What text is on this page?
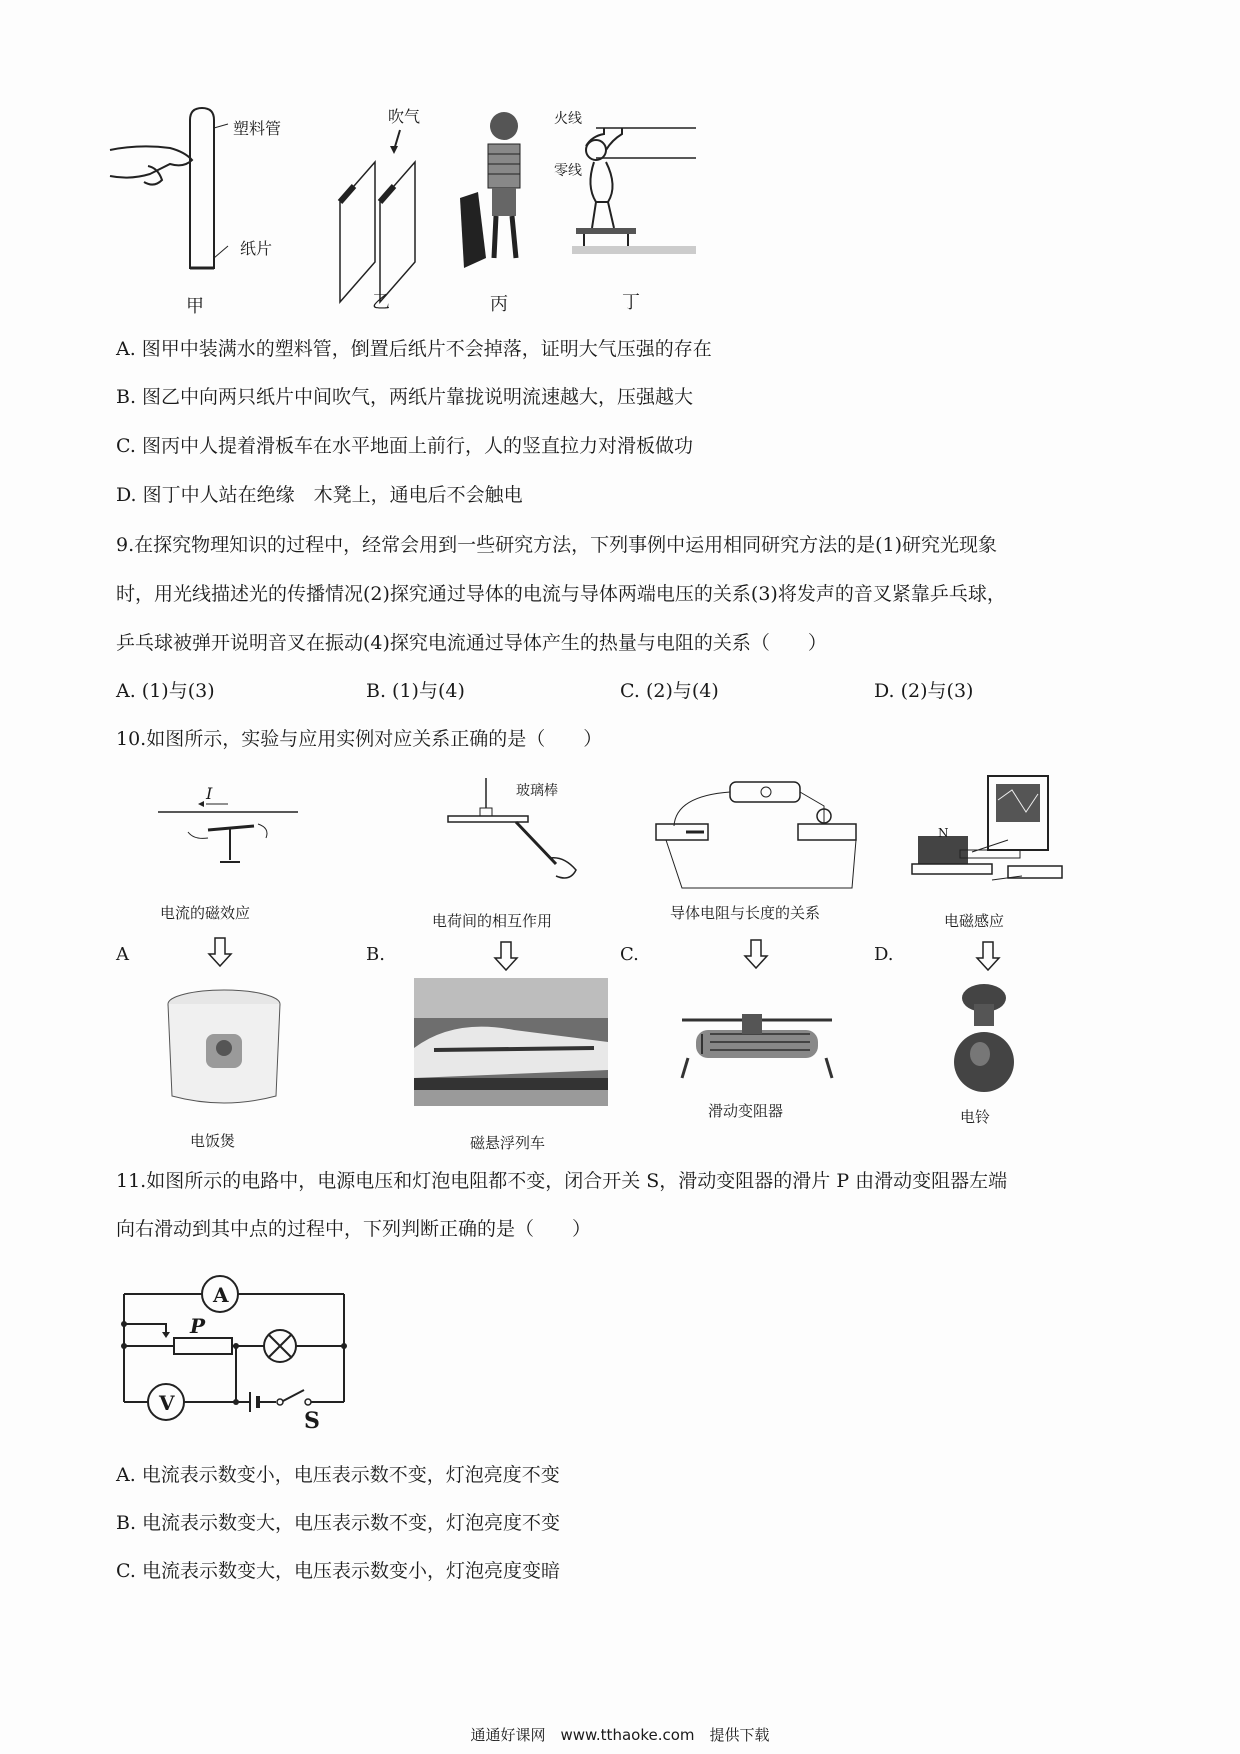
塑料管
纸片
甲
吹气
乙	丙
火线
零线
丁
A. 图甲中装满水的塑料管，倒置后纸片不会掉落，证明大气压强的存在
B. 图乙中向两只纸片中间吹气，两纸片靠拢说明流速越大，压强越大
C. 图丙中人提着滑板车在水平地面上前行，人的竖直拉力对滑板做功
D. 图丁中人站在绝缘　木凳上，通电后不会触电
9.在探究物理知识的过程中，经常会用到一些研究方法，下列事例中运用相同研究方法的是(1)研究光现象
时，用光线描述光的传播情况(2)探究通过导体的电流与导体两端电压的关系(3)将发声的音叉紧靠乒乓球，
乒乓球被弹开说明音叉在振动(4)探究电流通过导体产生的热量与电阻的关系（　　）
A. (1)与(3)	B. (1)与(4)	C. (2)与(4)	D. (2)与(3)
10.如图所示，实验与应用实例对应关系正确的是（　　）
I
电流的磁效应
玻璃棒
电荷间的相互作用	导体电阻与长度的关系
N
电磁感应
A	B.	C.	D.
电饭煲	磁悬浮列车
滑动变阻器	电铃
11.如图所示的电路中，电源电压和灯泡电阻都不变，闭合开关 S，滑动变阻器的滑片 P 由滑动变阻器左端
向右滑动到其中点的过程中，下列判断正确的是（　　）
A
V
P
S
A. 电流表示数变小，电压表示数不变，灯泡亮度不变
B. 电流表示数变大，电压表示数不变，灯泡亮度不变
C. 电流表示数变大，电压表示数变小，灯泡亮度变暗
通通好课网　www.tthaoke.com　提供下载
